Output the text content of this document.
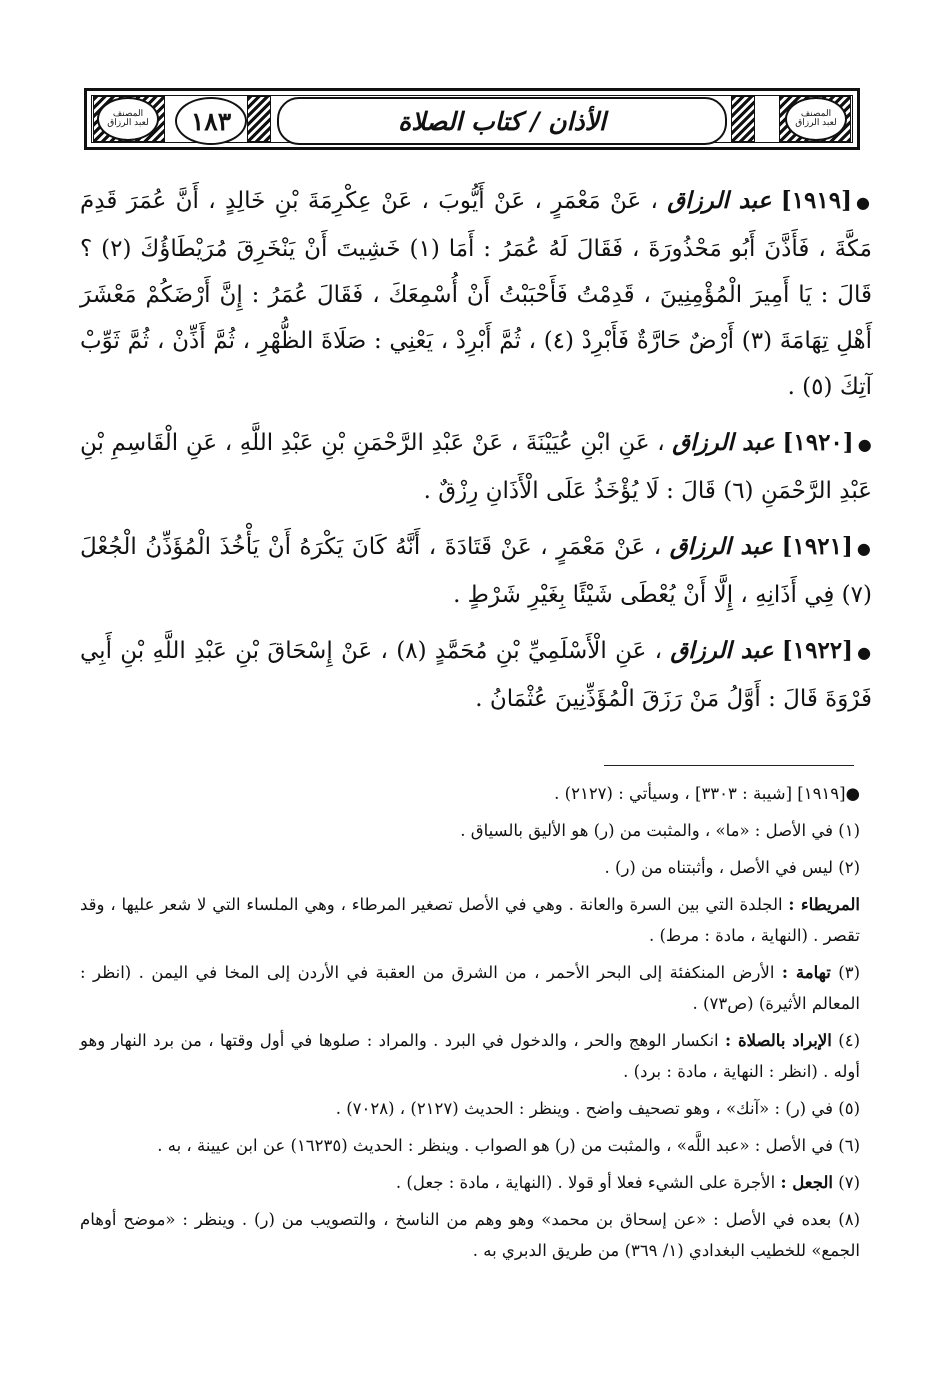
المصنف
لعبد الرزاق
المصنف
لعبد الرزاق
١٨٣	الأذان / كتاب الصلاة

●[١٩١٩] عبد الرزاق ، عَنْ مَعْمَرٍ ، عَنْ أَيُّوبَ ، عَنْ عِكْرِمَةَ بْنِ خَالِدٍ ، أَنَّ عُمَرَ قَدِمَ مَكَّةَ ، فَأَذَّنَ أَبُو مَحْذُورَةَ ، فَقَالَ لَهُ عُمَرُ : أَمَا (١) خَشِيتَ أَنْ يَنْخَرِقَ مُرَيْطَاؤُكَ (٢) ؟ قَالَ : يَا أَمِيرَ الْمُؤْمِنِينَ ، قَدِمْتُ فَأَحْبَبْتُ أَنْ أُسْمِعَكَ ، فَقَالَ عُمَرُ : إِنَّ أَرْضَكُمْ مَعْشَرَ أَهْلِ تِهَامَةَ (٣) أَرْضٌ حَارَّةٌ فَأَبْرِدْ (٤) ، ثُمَّ أَبْرِدْ ، يَعْنِي : صَلَاةَ الظُّهْرِ ، ثُمَّ أَذِّنْ ، ثُمَّ ثَوِّبْ آتِكَ (٥) .

●[١٩٢٠] عبد الرزاق ، عَنِ ابْنِ عُيَيْنَةَ ، عَنْ عَبْدِ الرَّحْمَنِ بْنِ عَبْدِ اللَّهِ ، عَنِ الْقَاسِمِ بْنِ عَبْدِ الرَّحْمَنِ (٦) قَالَ : لَا يُؤْخَذُ عَلَى الْأَذَانِ رِزْقٌ .

●[١٩٢١] عبد الرزاق ، عَنْ مَعْمَرٍ ، عَنْ قَتَادَةَ ، أَنَّهُ كَانَ يَكْرَهُ أَنْ يَأْخُذَ الْمُؤَذِّنُ الْجُعْلَ (٧) فِي أَذَانِهِ ، إِلَّا أَنْ يُعْطَى شَيْئًا بِغَيْرِ شَرْطٍ .

●[١٩٢٢] عبد الرزاق ، عَنِ الْأَسْلَمِيِّ بْنِ مُحَمَّدٍ (٨) ، عَنْ إِسْحَاقَ بْنِ عَبْدِ اللَّهِ بْنِ أَبِي فَرْوَةَ قَالَ : أَوَّلُ مَنْ رَزَقَ الْمُؤَذِّنِينَ عُثْمَانُ .

●[١٩١٩] [شيبة : ٣٣٠٣] ، وسيأتي : (٢١٢٧) .

(١) في الأصل : «ما» ، والمثبت من (ر) هو الأليق بالسياق .

(٢) ليس في الأصل ، وأثبتناه من (ر) .

المريطاء : الجلدة التي بين السرة والعانة . وهي في الأصل تصغير المرطاء ، وهي الملساء التي لا شعر عليها ، وقد تقصر . (النهاية ، مادة : مرط) .

(٣) تهامة : الأرض المنكفئة إلى البحر الأحمر ، من الشرق من العقبة في الأردن إلى المخا في اليمن . (انظر : المعالم الأثيرة) (ص٧٣) .

(٤) الإبراد بالصلاة : انكسار الوهج والحر ، والدخول في البرد . والمراد : صلوها في أول وقتها ، من برد النهار وهو أوله . (انظر : النهاية ، مادة : برد) .

(٥) في (ر) : «آنك» ، وهو تصحيف واضح . وينظر : الحديث (٢١٢٧) ، (٧٠٢٨) .

(٦) في الأصل : «عبد اللَّه» ، والمثبت من (ر) هو الصواب . وينظر : الحديث (١٦٢٣٥) عن ابن عيينة ، به .

(٧) الجعل : الأجرة على الشيء فعلا أو قولا . (النهاية ، مادة : جعل) .

(٨) بعده في الأصل : «عن إسحاق بن محمد» وهو وهم من الناسخ ، والتصويب من (ر) . وينظر : «موضح أوهام الجمع» للخطيب البغدادي (١/ ٣٦٩) من طريق الدبري به .
